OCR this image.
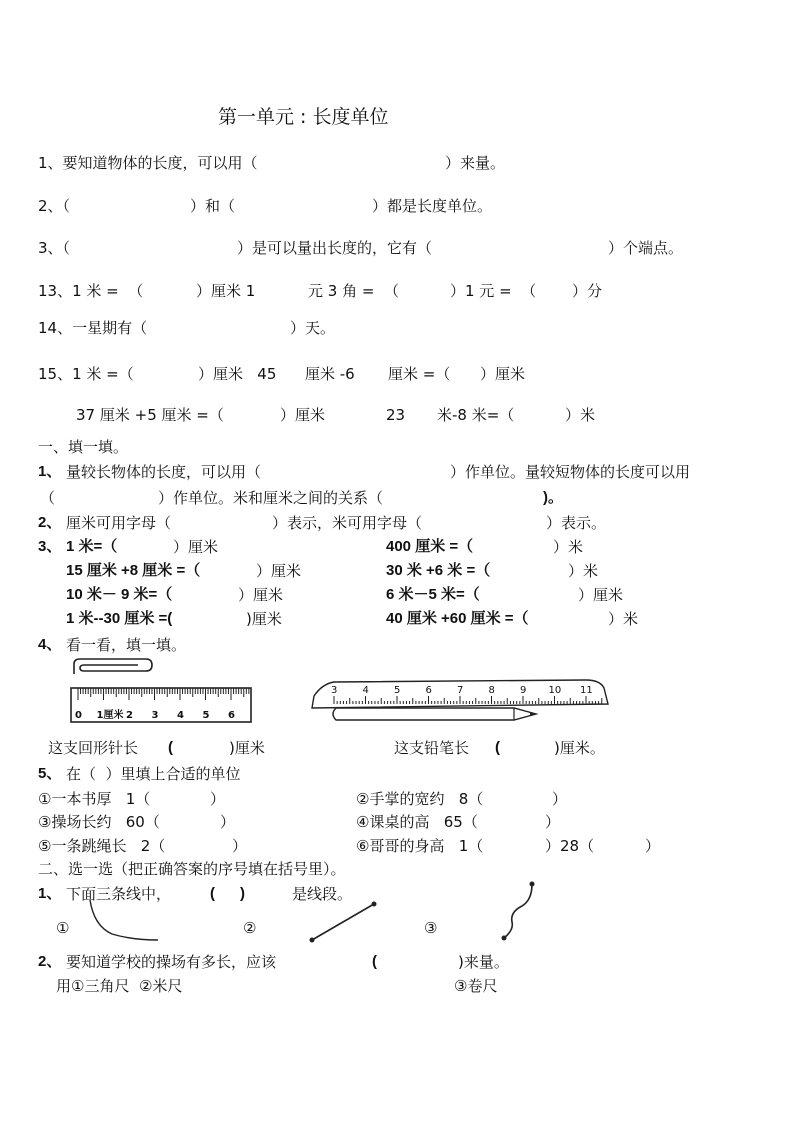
第一单元 : 长度单位
1、要知道物体的长度，可以用（	）来量。
2、（	）和（	）都是长度单位。
3、（	）是可以量出长度的，它有（	）个端点。
13、1 米 =  （	）厘米 1	元 3 角 =  （	）1 元 =  （ ）分
14、一星期有（	）天。
15、1 米 =（	）厘米   45 厘米 -6 厘米 =（ ）厘米
37 厘米 +5 厘米 =（	）厘米	23 米-8 米=（	）米
一、填一填。
1、 量较长物体的长度，可以用（	）作单位。量较短物体的长度可以用
（	）作单位。米和厘米之间的关系（	)。
2、 厘米可用字母（	）表示，米可用字母（	）表示。
3、 1 米=（	）厘米	400 厘米 =（	）米
15 厘米 +8 厘米 =（	）厘米	30 米 +6 米 =（	）米
10 米－ 9 米=（	）厘米	6 米－5 米=（	）厘米
1 米--30 厘米 =(	)厘米	40 厘米 +60 厘米 =（	）米
4、 看一看，填一填。
0 1厘米 2 3 4 5 6
3	4	5	6	7	8	9 10 11
这支回形针长 (	)厘米	这支铅笔长 (	)厘米。
5、 在（  ）里填上合适的单位
①一本书厚   1（	）	②手掌的宽约   8（	）
③操场长约   60（	）	④课桌的高   65（	）
⑤一条跳绳长   2（	）	⑥哥哥的身高   1（	）28（	）
二、选一选（把正确答案的序号填在括号里）。
1、 下面三条线中，	(      )	是线段。
①	②	③
2、 要知道学校的操场有多长，应该	(	)来量。
用①三角尺  ②米尺	③卷尺
